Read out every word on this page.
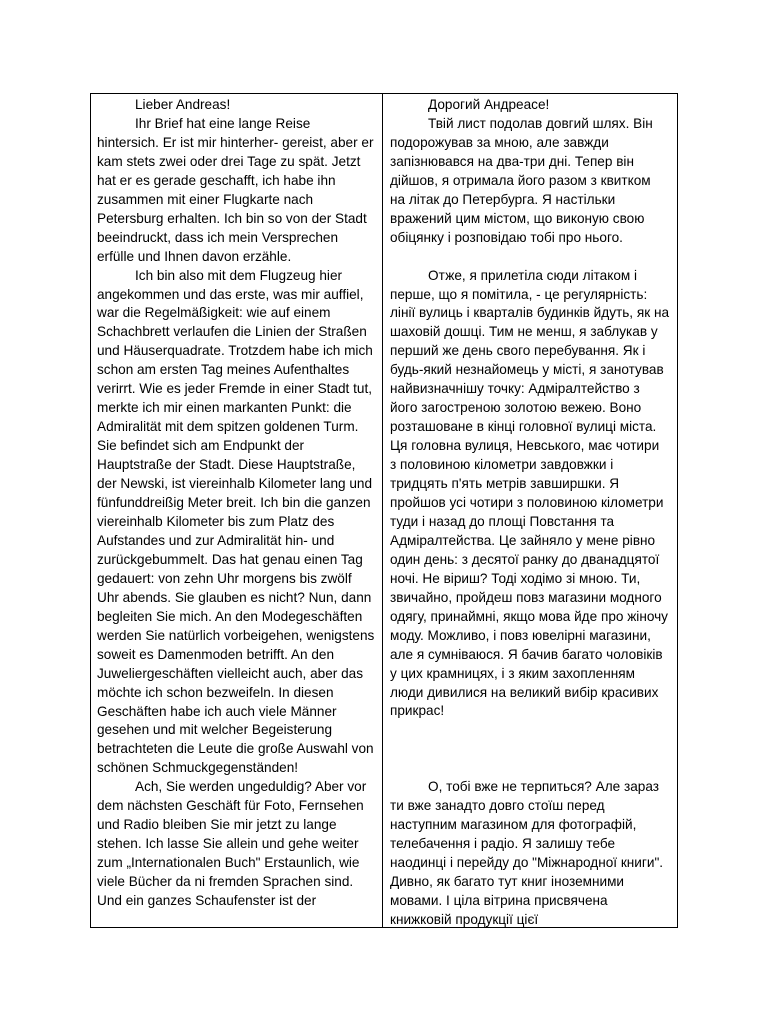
Lieber Andreas!

Ihr Brief hat eine lange Reise hintersich. Er ist mir hinterher- gereist, aber er kam stets zwei oder drei Tage zu spät. Jetzt hat er es gerade geschafft, ich habe ihn zusammen mit einer Flugkarte nach Petersburg erhalten. Ich bin so von der Stadt beeindruckt, dass ich mein Versprechen erfülle und Ihnen davon erzähle.

Ich bin also mit dem Flugzeug hier angekommen und das erste, was mir auffiel, war die Regelmäßigkeit: wie auf einem Schachbrett verlaufen die Linien der Straßen und Häuserquadrate. Trotzdem habe ich mich schon am ersten Tag meines Aufenthaltes verirrt. Wie es jeder Fremde in einer Stadt tut, merkte ich mir einen markanten Punkt: die Admiralität mit dem spitzen goldenen Turm. Sie befindet sich am Endpunkt der Hauptstraße der Stadt. Diese Hauptstraße, der Newski, ist viereinhalb Kilometer lang und fünfunddreißig Meter breit. Ich bin die ganzen viereinhalb Kilometer bis zum Platz des Aufstandes und zur Admiralität hin- und zurückgebummelt. Das hat genau einen Tag gedauert: von zehn Uhr morgens bis zwölf Uhr abends. Sie glauben es nicht? Nun, dann begleiten Sie mich. An den Modegeschäften werden Sie natürlich vorbeigehen, wenigstens soweit es Damenmoden betrifft. An den Juweliergeschäften vielleicht auch, aber das möchte ich schon bezweifeln. In diesen Geschäften habe ich auch viele Männer gesehen und mit welcher Begeisterung betrachteten die Leute die große Auswahl von schönen Schmuckgegenständen!

Ach, Sie werden ungeduldig? Aber vor dem nächsten Geschäft für Foto, Fernsehen und Radio bleiben Sie mir jetzt zu lange stehen. Ich lasse Sie allein und gehe weiter zum „Internationalen Buch" Erstaunlich, wie viele Bücher da ni fremden Sprachen sind. Und ein ganzes Schaufenster ist der

Дорогий Андреасе!

Твій лист подолав довгий шлях. Він подорожував за мною, але завжди запізнювався на два-три дні. Тепер він дійшов, я отримала його разом з квитком на літак до Петербурга. Я настільки вражений цим містом, що виконую свою обіцянку і розповідаю тобі про нього.

Отже, я прилетіла сюди літаком і перше, що я помітила, - це регулярність: лінії вулиць і кварталів будинків йдуть, як на шаховій дошці. Тим не менш, я заблукав у перший же день свого перебування. Як і будь-який незнайомець у місті, я занотував найвизначнішу точку: Адміралтейство з його загостреною золотою вежею. Воно розташоване в кінці головної вулиці міста. Ця головна вулиця, Невського, має чотири з половиною кілометри завдовжки і тридцять п'ять метрів завширшки. Я пройшов усі чотири з половиною кілометри туди і назад до площі Повстання та Адміралтейства. Це зайняло у мене рівно один день: з десятої ранку до дванадцятої ночі. Не віриш? Тоді ходімо зі мною. Ти, звичайно, пройдеш повз магазини модного одягу, принаймні, якщо мова йде про жіночу моду. Можливо, і повз ювелірні магазини, але я сумніваюся. Я бачив багато чоловіків у цих крамницях, і з яким захопленням люди дивилися на великий вибір красивих прикрас!

О, тобі вже не терпиться? Але зараз ти вже занадто довго стоїш перед наступним магазином для фотографій, телебачення і радіо. Я залишу тебе наодинці і перейду до "Міжнародної книги". Дивно, як багато тут книг іноземними мовами. І ціла вітрина присвячена книжковій продукції цієї
